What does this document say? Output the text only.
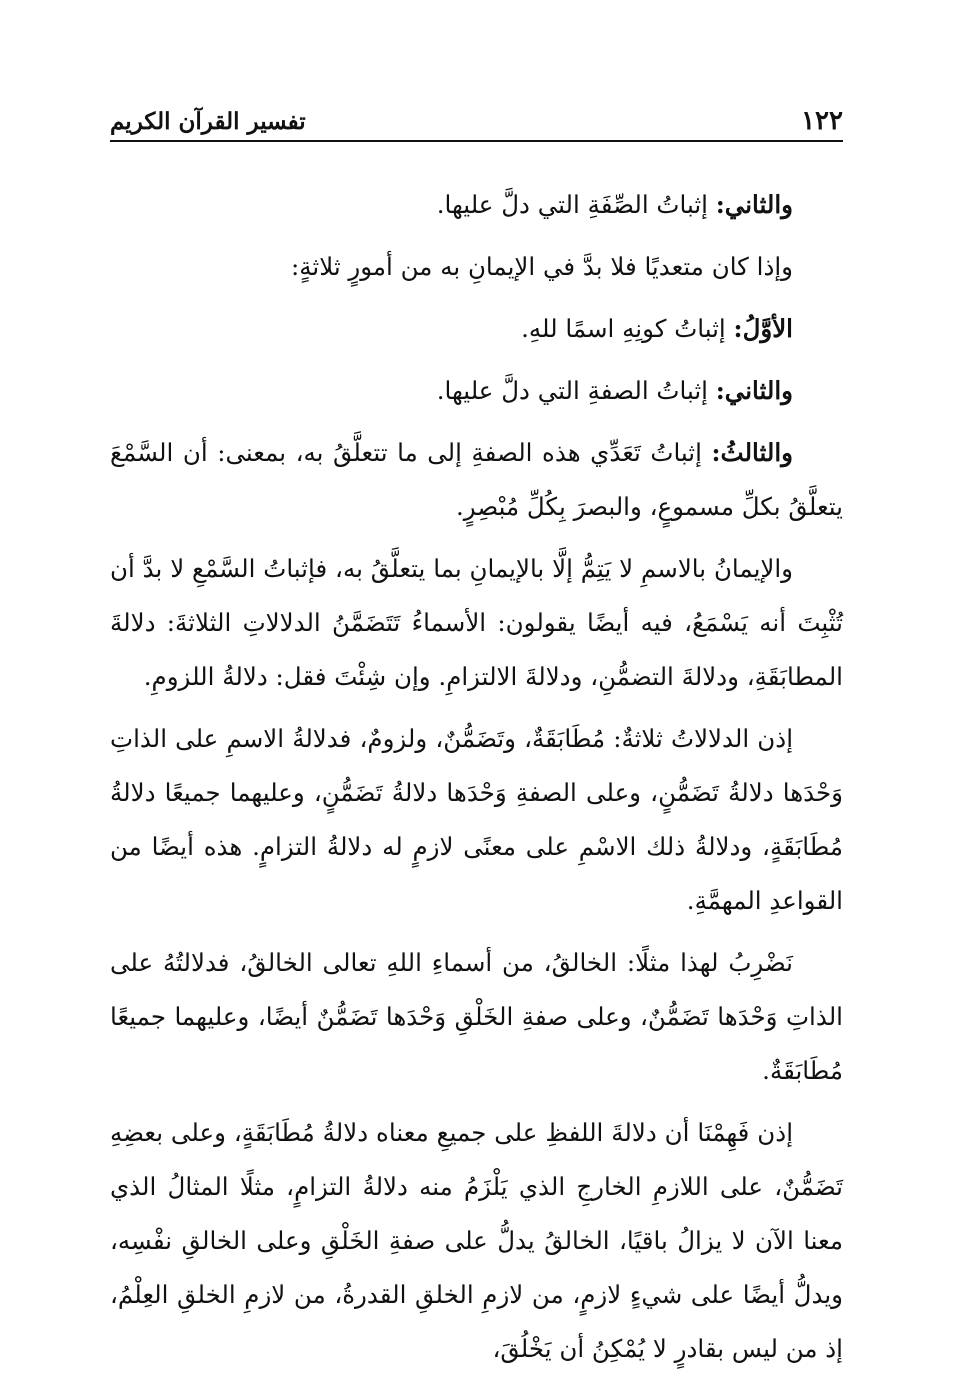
١٢٢
تفسير القرآن الكريم

والثاني: إثباتُ الصِّفَةِ التي دلَّ عليها.

وإذا كان متعديًا فلا بدَّ في الإيمانِ به من أمورٍ ثلاثةٍ:

الأوَّلُ: إثباتُ كونِهِ اسمًا للهِ.

والثاني: إثباتُ الصفةِ التي دلَّ عليها.

والثالثُ: إثباتُ تَعَدِّي هذه الصفةِ إلى ما تتعلَّقُ به، بمعنى: أن السَّمْعَ يتعلَّقُ بكلِّ مسموعٍ، والبصرَ بِكُلِّ مُبْصِرٍ.

والإيمانُ بالاسمِ لا يَتِمُّ إلَّا بالإيمانِ بما يتعلَّقُ به، فإثباتُ السَّمْعِ لا بدَّ أن تُثْبِتَ أنه يَسْمَعُ، فيه أيضًا يقولون: الأسماءُ تَتَضَمَّنُ الدلالاتِ الثلاثةَ: دلالةَ المطابَقَةِ، ودلالةَ التضمُّنِ، ودلالةَ الالتزامِ. وإن شِئْتَ فقل: دلالةُ اللزومِ.

إذن الدلالاتُ ثلاثةٌ: مُطَابَقَةٌ، وتَضَمُّنٌ، ولزومٌ، فدلالةُ الاسمِ على الذاتِ وَحْدَها دلالةُ تَضَمُّنٍ، وعلى الصفةِ وَحْدَها دلالةُ تَضَمُّنٍ، وعليهما جميعًا دلالةُ مُطَابَقَةٍ، ودلالةُ ذلك الاسْمِ على معنًى لازمٍ له دلالةُ التزامٍ. هذه أيضًا من القواعدِ المهمَّةِ.

نَضْرِبُ لهذا مثلًا: الخالقُ، من أسماءِ اللهِ تعالى الخالقُ، فدلالتُهُ على الذاتِ وَحْدَها تَضَمُّنٌ، وعلى صفةِ الخَلْقِ وَحْدَها تَضَمُّنٌ أيضًا، وعليهما جميعًا مُطَابَقَةٌ.

إذن فَهِمْنَا أن دلالةَ اللفظِ على جميعِ معناه دلالةُ مُطَابَقَةٍ، وعلى بعضِهِ تَضَمُّنٌ، على اللازمِ الخارجِ الذي يَلْزَمُ منه دلالةُ التزامٍ، مثلًا المثالُ الذي معنا الآن لا يزالُ باقيًا، الخالقُ يدلُّ على صفةِ الخَلْقِ وعلى الخالقِ نفْسِه، ويدلُّ أيضًا على شيءٍ لازمٍ، من لازمِ الخلقِ القدرةُ، من لازمِ الخلقِ العِلْمُ، إذ من ليس بقادرٍ لا يُمْكِنُ أن يَخْلُقَ،
